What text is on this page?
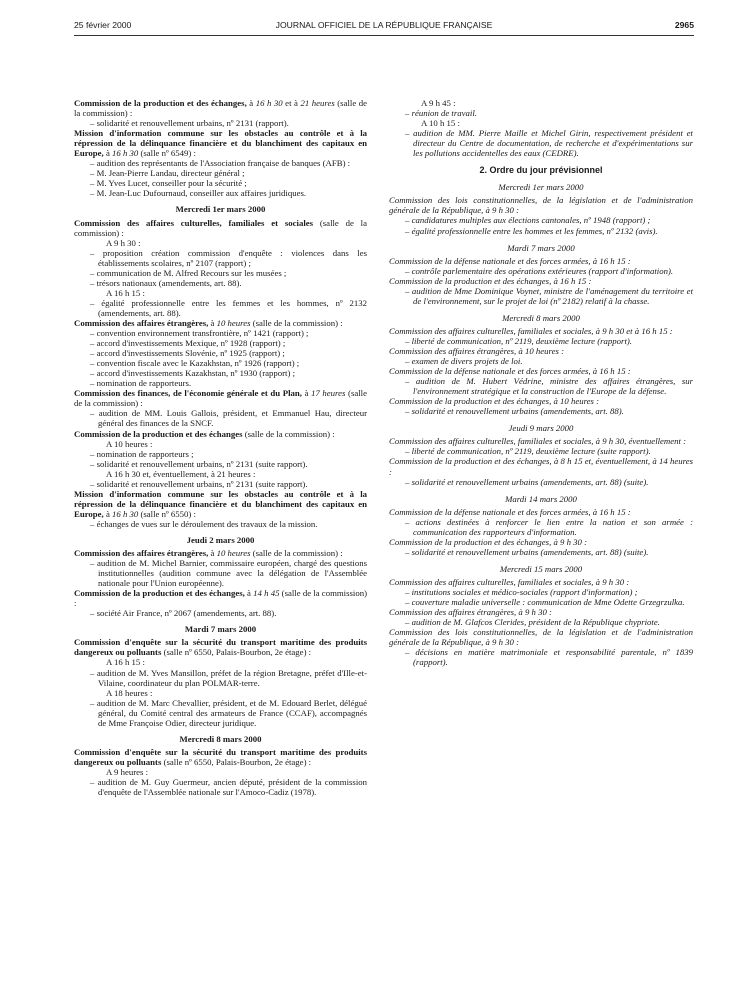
25 février 2000	JOURNAL OFFICIEL DE LA RÉPUBLIQUE FRANÇAISE	2965
Commission de la production et des échanges, à 16 h 30 et à 21 heures (salle de la commission) :
– solidarité et renouvellement urbains, nº 2131 (rapport).
Mission d'information commune sur les obstacles au contrôle et à la répression de la délinquance financière et du blanchiment des capitaux en Europe, à 16 h 30 (salle nº 6549) :
– audition des représentants de l'Association française de banques (AFB) :
– M. Jean-Pierre Landau, directeur général ;
– M. Yves Lucet, conseiller pour la sécurité ;
– M. Jean-Luc Dufournaud, conseiller aux affaires juridiques.
Mercredi 1er mars 2000
Commission des affaires culturelles, familiales et sociales (salle de la commission) :
A 9 h 30 :
– proposition création commission d'enquête : violences dans les établissements scolaires, nº 2107 (rapport) ;
– communication de M. Alfred Recours sur les musées ;
– trésors nationaux (amendements, art. 88).
A 16 h 15 :
– égalité professionnelle entre les femmes et les hommes, nº 2132 (amendements, art. 88).
Commission des affaires étrangères, à 10 heures (salle de la commission) :
– convention environnement transfrontière, nº 1421 (rapport) ;
– accord d'investissements Mexique, nº 1928 (rapport) ;
– accord d'investissements Slovénie, nº 1925 (rapport) ;
– convention fiscale avec le Kazakhstan, nº 1926 (rapport) ;
– accord d'investissements Kazakhstan, nº 1930 (rapport) ;
– nomination de rapporteurs.
Commission des finances, de l'économie générale et du Plan, à 17 heures (salle de la commission) :
– audition de MM. Louis Gallois, président, et Emmanuel Hau, directeur général des finances de la SNCF.
Commission de la production et des échanges (salle de la commission) :
A 10 heures :
– nomination de rapporteurs ;
– solidarité et renouvellement urbains, nº 2131 (suite rapport).
A 16 h 30 et, éventuellement, à 21 heures :
– solidarité et renouvellement urbains, nº 2131 (suite rapport).
Mission d'information commune sur les obstacles au contrôle et à la répression de la délinquance financière et du blanchiment des capitaux en Europe, à 16 h 30 (salle nº 6550) :
– échanges de vues sur le déroulement des travaux de la mission.
Jeudi 2 mars 2000
Commission des affaires étrangères, à 10 heures (salle de la commission) :
– audition de M. Michel Barnier, commissaire européen, chargé des questions institutionnelles (audition commune avec la délégation de l'Assemblée nationale pour l'Union européenne).
Commission de la production et des échanges, à 14 h 45 (salle de la commission) :
– société Air France, nº 2067 (amendements, art. 88).
Mardi 7 mars 2000
Commission d'enquête sur la sécurité du transport maritime des produits dangereux ou polluants (salle nº 6550, Palais-Bourbon, 2e étage) :
A 16 h 15 :
– audition de M. Yves Mansillon, préfet de la région Bretagne, préfet d'Ille-et-Vilaine, coordinateur du plan POLMAR-terre.
A 18 heures :
– audition de M. Marc Chevallier, président, et de M. Edouard Berlet, délégué général, du Comité central des armateurs de France (CCAF), accompagnés de Mme Françoise Odier, directeur juridique.
Mercredi 8 mars 2000
Commission d'enquête sur la sécurité du transport maritime des produits dangereux ou polluants (salle nº 6550, Palais-Bourbon, 2e étage) :
A 9 heures :
– audition de M. Guy Guermeur, ancien député, président de la commission d'enquête de l'Assemblée nationale sur l'Amoco-Cadiz (1978).
A 9 h 45 :
– réunion de travail.
A 10 h 15 :
– audition de MM. Pierre Maille et Michel Girin, respectivement président et directeur du Centre de documentation, de recherche et d'expérimentations sur les pollutions accidentelles des eaux (CEDRE).
2. Ordre du jour prévisionnel
Mercredi 1er mars 2000
Commission des lois constitutionnelles, de la législation et de l'administration générale de la République, à 9 h 30 :
– candidatures multiples aux élections cantonales, nº 1948 (rapport) ;
– égalité professionnelle entre les hommes et les femmes, nº 2132 (avis).
Mardi 7 mars 2000
Commission de la défense nationale et des forces armées, à 16 h 15 :
– contrôle parlementaire des opérations extérieures (rapport d'information).
Commission de la production et des échanges, à 16 h 15 :
– audition de Mme Dominique Voynet, ministre de l'aménagement du territoire et de l'environnement, sur le projet de loi (nº 2182) relatif à la chasse.
Mercredi 8 mars 2000
Commission des affaires culturelles, familiales et sociales, à 9 h 30 et à 16 h 15 :
– liberté de communication, nº 2119, deuxième lecture (rapport).
Commission des affaires étrangères, à 10 heures :
– examen de divers projets de loi.
Commission de la défense nationale et des forces armées, à 16 h 15 :
– audition de M. Hubert Védrine, ministre des affaires étrangères, sur l'environnement stratégique et la construction de l'Europe de la défense.
Commission de la production et des échanges, à 10 heures :
– solidarité et renouvellement urbains (amendements, art. 88).
Jeudi 9 mars 2000
Commission des affaires culturelles, familiales et sociales, à 9 h 30, éventuellement :
– liberté de communication, nº 2119, deuxième lecture (suite rapport).
Commission de la production et des échanges, à 8 h 15 et, éventuellement, à 14 heures :
– solidarité et renouvellement urbains (amendements, art. 88) (suite).
Mardi 14 mars 2000
Commission de la défense nationale et des forces armées, à 16 h 15 :
– actions destinées à renforcer le lien entre la nation et son armée : communication des rapporteurs d'information.
Commission de la production et des échanges, à 9 h 30 :
– solidarité et renouvellement urbains (amendements, art. 88) (suite).
Mercredi 15 mars 2000
Commission des affaires culturelles, familiales et sociales, à 9 h 30 :
– institutions sociales et médico-sociales (rapport d'information) ;
– couverture maladie universelle : communication de Mme Odette Grzegrzulka.
Commission des affaires étrangères, à 9 h 30 :
– audition de M. Glafcos Clerides, président de la République chypriote.
Commission des lois constitutionnelles, de la législation et de l'administration générale de la République, à 9 h 30 :
– décisions en matière matrimoniale et responsabilité parentale, nº 1839 (rapport).
